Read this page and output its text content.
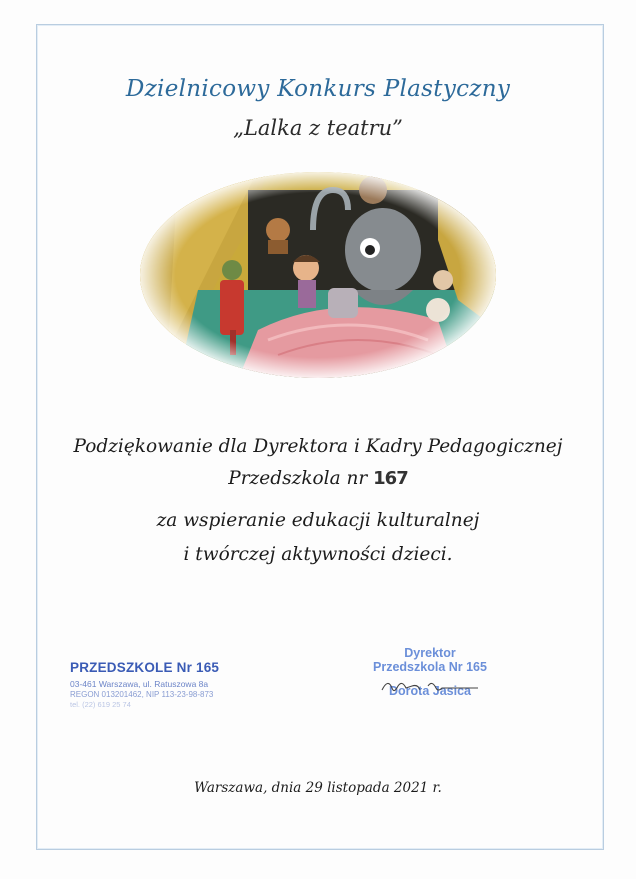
Dzielnicowy Konkurs Plastyczny
„Lalka z teatru”
Podziękowanie dla Dyrektora i Kadry Pedagogicznej
Przedszkola nr 167
za wspieranie edukacji kulturalnej
i twórczej aktywności dzieci.
PRZEDSZKOLE Nr 165
03-461 Warszawa, ul. Ratuszowa 8a
REGON 013201462, NIP 113-23-98-873
tel. (22) 619 25 74
Dyrektor
Przedszkola Nr 165
Dorota Jasica
Warszawa, dnia 29 listopada 2021 r.
